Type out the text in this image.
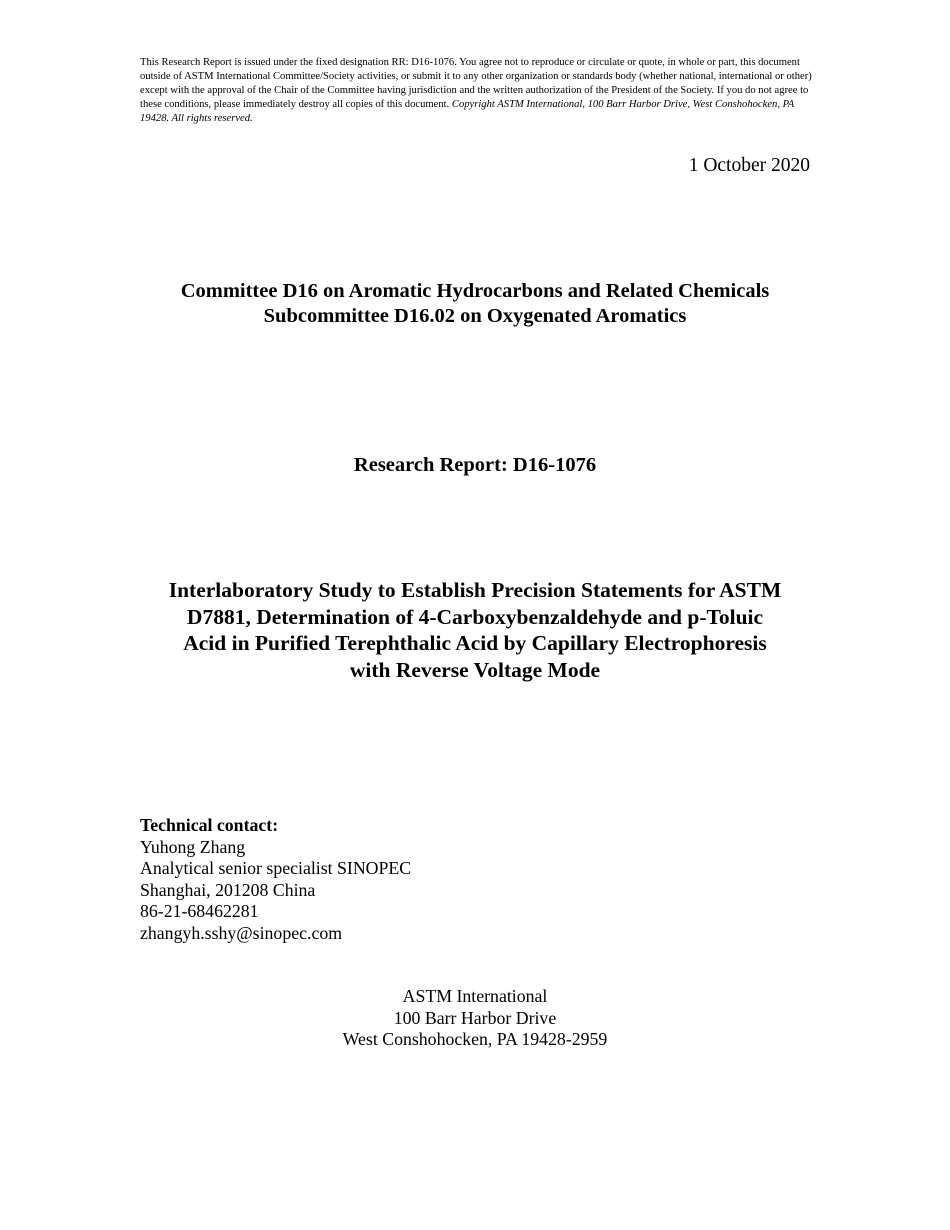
This Research Report is issued under the fixed designation RR: D16-1076. You agree not to reproduce or circulate or quote, in whole or part, this document outside of ASTM International Committee/Society activities, or submit it to any other organization or standards body (whether national, international or other) except with the approval of the Chair of the Committee having jurisdiction and the written authorization of the President of the Society. If you do not agree to these conditions, please immediately destroy all copies of this document. Copyright ASTM International, 100 Barr Harbor Drive, West Conshohocken, PA 19428. All rights reserved.
1 October 2020
Committee D16 on Aromatic Hydrocarbons and Related Chemicals
Subcommittee D16.02 on Oxygenated Aromatics
Research Report: D16-1076
Interlaboratory Study to Establish Precision Statements for ASTM
D7881, Determination of 4-Carboxybenzaldehyde and p-Toluic
Acid in Purified Terephthalic Acid by Capillary Electrophoresis
with Reverse Voltage Mode
Technical contact:
Yuhong Zhang
Analytical senior specialist SINOPEC
Shanghai, 201208 China
86-21-68462281
zhangyh.sshy@sinopec.com
ASTM International
100 Barr Harbor Drive
West Conshohocken, PA 19428-2959
